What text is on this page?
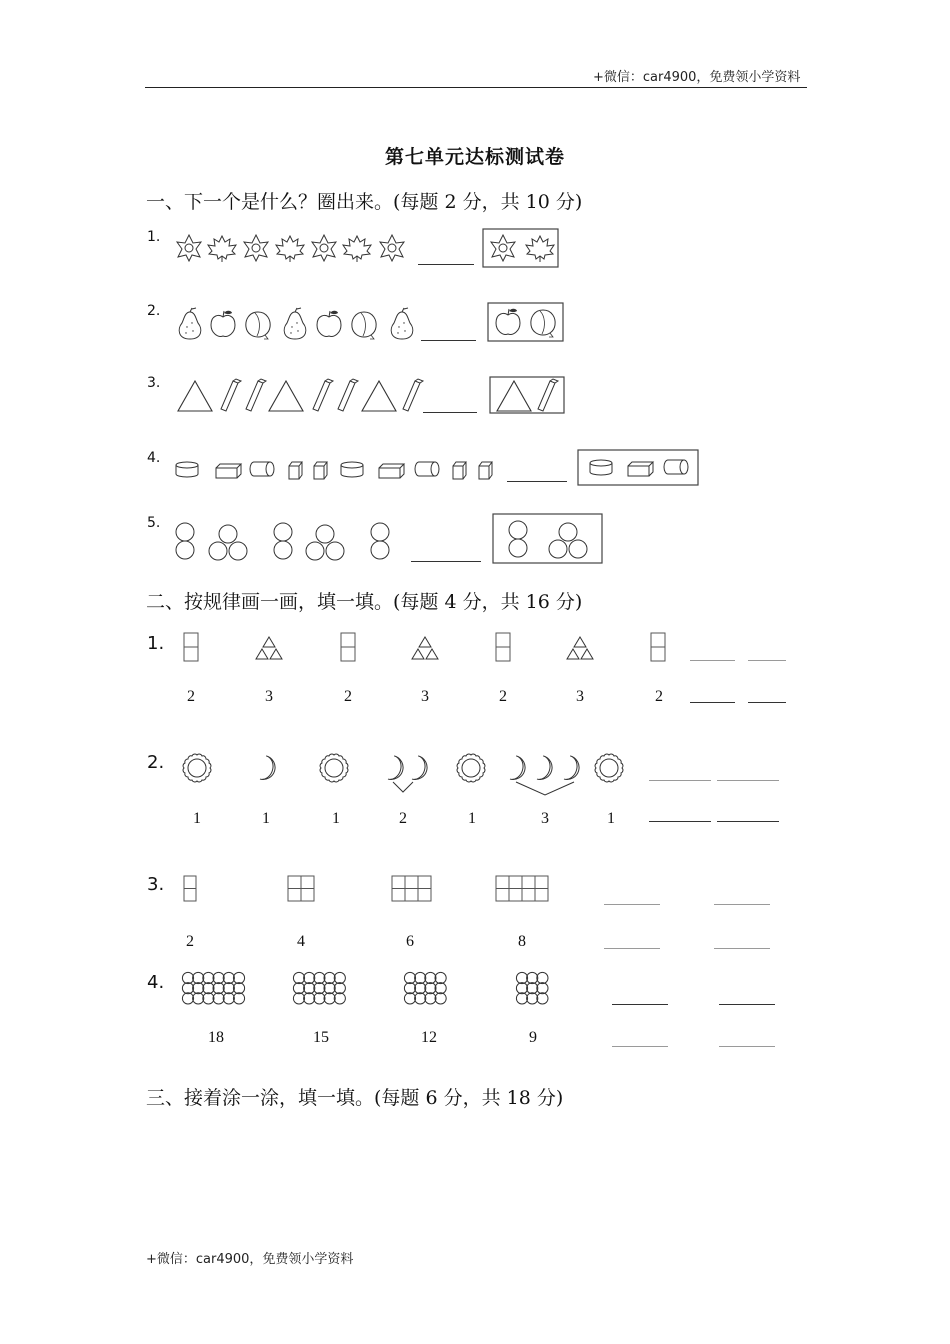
+微信：car4900，免费领小学资料
第七单元达标测试卷
一、下一个是什么？圈出来。(每题 2 分，共 10 分)
1.
2.
3.
4.
5.
二、按规律画一画，填一填。(每题 4 分，共 16 分)
1.
2.
3.
4.
2	3	2	3	2	3	2
1	1	1	2	1	3	1
2	4	6	8
18	15	12	9
三、接着涂一涂，填一填。(每题 6 分，共 18 分)
+微信：car4900，免费领小学资料
